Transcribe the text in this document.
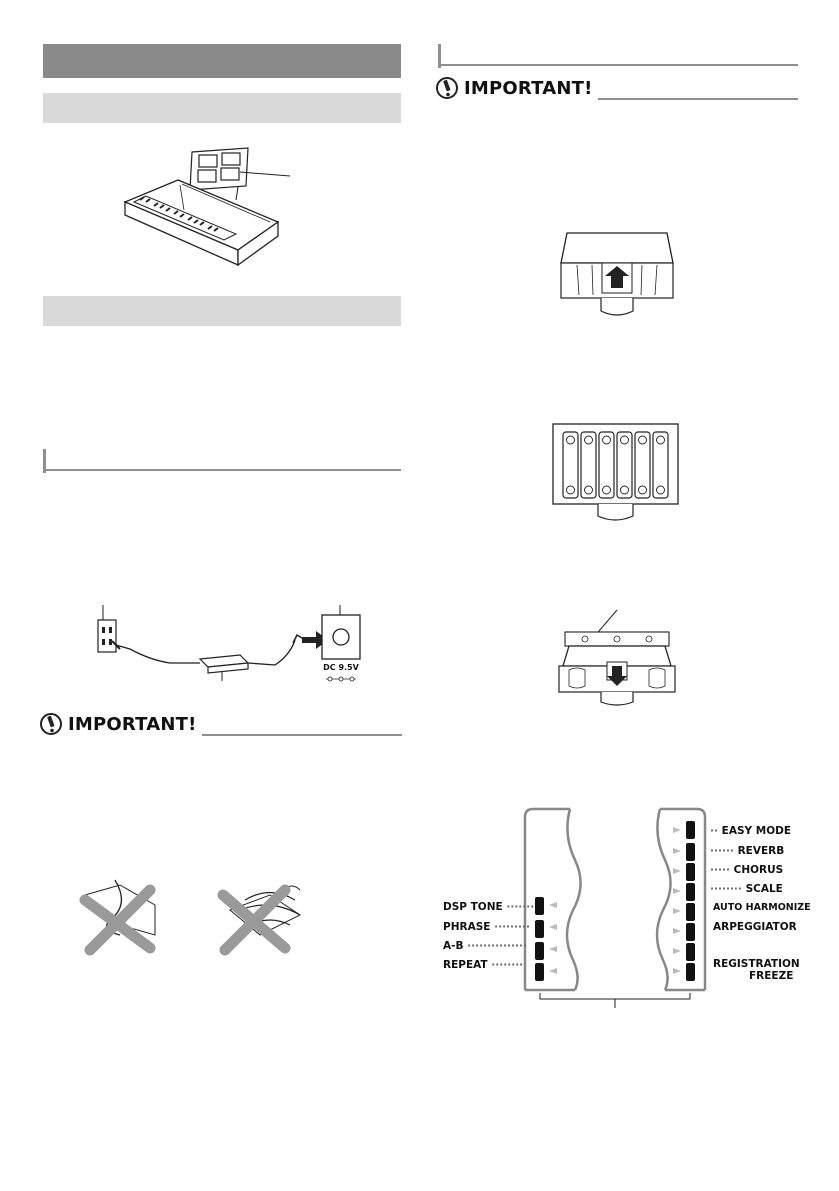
DC 9.5V
IMPORTANT!
IMPORTANT!
DSP TONE ·······
PHRASE ·········
A-B ···············
REPEAT ········
·· EASY MODE
······ REVERB
····· CHORUS
········ SCALE
AUTO HARMONIZE
ARPEGGIATOR
REGISTRATION
FREEZE
